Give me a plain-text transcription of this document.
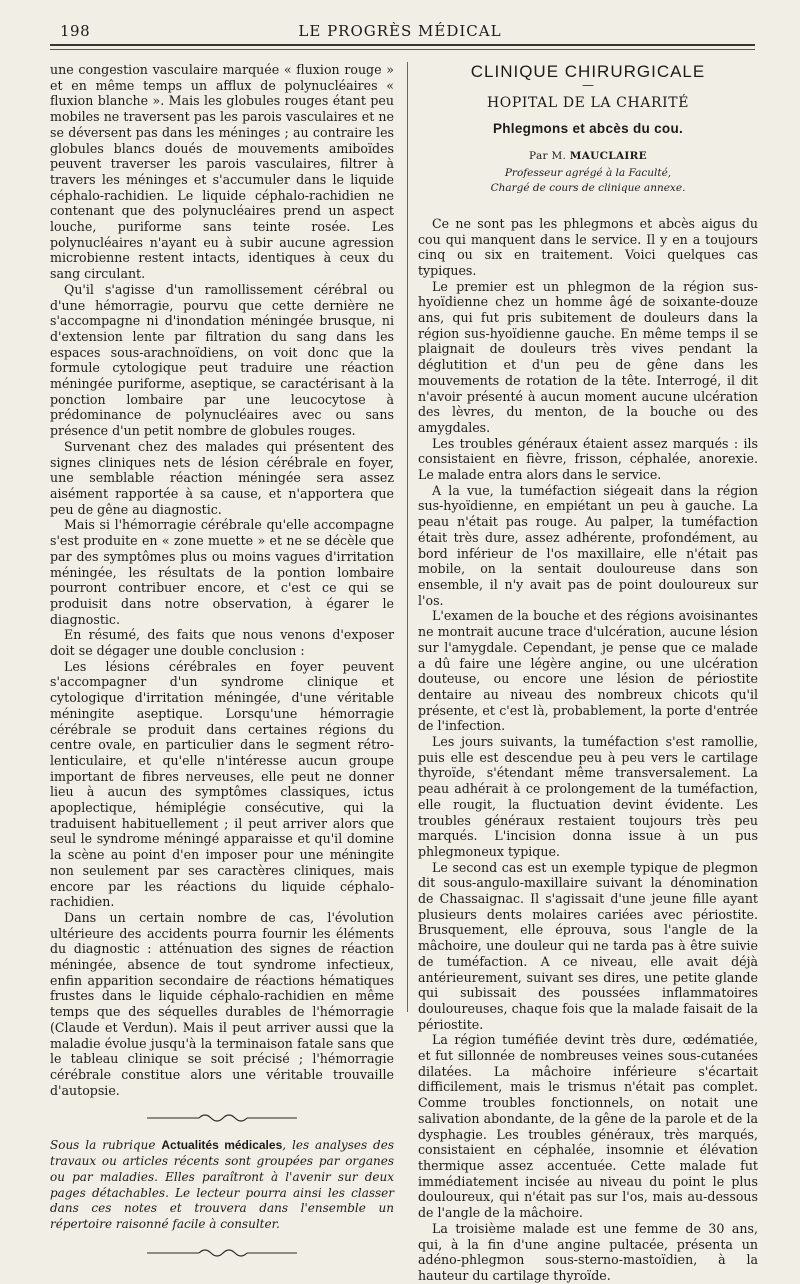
198	LE PROGRÈS MÉDICAL

une congestion vasculaire marquée « fluxion rouge » et en même temps un afflux de polynucléaires « fluxion blanche ». Mais les globules rouges étant peu mobiles ne traversent pas les parois vasculaires et ne se déversent pas dans les méninges ; au contraire les globules blancs doués de mouvements amiboïdes peuvent traverser les parois vasculaires, filtrer à travers les méninges et s'accumuler dans le liquide céphalo-rachidien. Le liquide céphalo-rachidien ne contenant que des polynucléaires prend un aspect louche, puriforme sans teinte rosée. Les polynucléaires n'ayant eu à subir aucune agression microbienne restent intacts, identiques à ceux du sang circulant.

Qu'il s'agisse d'un ramollissement cérébral ou d'une hémorragie, pourvu que cette dernière ne s'accompagne ni d'inondation méningée brusque, ni d'extension lente par filtration du sang dans les espaces sous-arachnoïdiens, on voit donc que la formule cytologique peut traduire une réaction méningée puriforme, aseptique, se caractérisant à la ponction lombaire par une leucocytose à prédominance de polynucléaires avec ou sans présence d'un petit nombre de globules rouges.

Survenant chez des malades qui présentent des signes cliniques nets de lésion cérébrale en foyer, une semblable réaction méningée sera assez aisément rapportée à sa cause, et n'apportera que peu de gêne au diagnostic.

Mais si l'hémorragie cérébrale qu'elle accompagne s'est produite en « zone muette » et ne se décèle que par des symptômes plus ou moins vagues d'irritation méningée, les résultats de la pontion lombaire pourront contribuer encore, et c'est ce qui se produisit dans notre observation, à égarer le diagnostic.

En résumé, des faits que nous venons d'exposer doit se dégager une double conclusion :

Les lésions cérébrales en foyer peuvent s'accompagner d'un syndrome clinique et cytologique d'irritation méningée, d'une véritable méningite aseptique. Lorsqu'une hémorragie cérébrale se produit dans certaines régions du centre ovale, en particulier dans le segment rétro-lenticulaire, et qu'elle n'intéresse aucun groupe important de fibres nerveuses, elle peut ne donner lieu à aucun des symptômes classiques, ictus apoplectique, hémiplégie consécutive, qui la traduisent habituellement ; il peut arriver alors que seul le syndrome méningé apparaisse et qu'il domine la scène au point d'en imposer pour une méningite non seulement par ses caractères cliniques, mais encore par les réactions du liquide céphalo-rachidien.

Dans un certain nombre de cas, l'évolution ultérieure des accidents pourra fournir les éléments du diagnostic : atténuation des signes de réaction méningée, absence de tout syndrome infectieux, enfin apparition secondaire de réactions hématiques frustes dans le liquide céphalo-rachidien en même temps que des séquelles durables de l'hémorragie (Claude et Verdun). Mais il peut arriver aussi que la maladie évolue jusqu'à la terminaison fatale sans que le tableau clinique se soit précisé ; l'hémorragie cérébrale constitue alors une véritable trouvaille d'autopsie.

Sous la rubrique Actualités médicales, les analyses des travaux ou articles récents sont groupées par organes ou par maladies. Elles paraîtront à l'avenir sur deux pages détachables. Le lecteur pourra ainsi les classer dans ces notes et trouvera dans l'ensemble un répertoire raisonné facile à consulter.

CLINIQUE CHIRURGICALE
—
HOPITAL DE LA CHARITÉ
Phlegmons et abcès du cou.
Par M. MAUCLAIRE
Professeur agrégé à la Faculté,
Chargé de cours de clinique annexe.

Ce ne sont pas les phlegmons et abcès aigus du cou qui manquent dans le service. Il y en a toujours cinq ou six en traitement. Voici quelques cas typiques.

Le premier est un phlegmon de la région sus-hyoïdienne chez un homme âgé de soixante-douze ans, qui fut pris subitement de douleurs dans la région sus-hyoïdienne gauche. En même temps il se plaignait de douleurs très vives pendant la déglutition et d'un peu de gêne dans les mouvements de rotation de la tête. Interrogé, il dit n'avoir présenté à aucun moment aucune ulcération des lèvres, du menton, de la bouche ou des amygdales.

Les troubles généraux étaient assez marqués : ils consistaient en fièvre, frisson, céphalée, anorexie. Le malade entra alors dans le service.

A la vue, la tuméfaction siégeait dans la région sus-hyoïdienne, en empiétant un peu à gauche. La peau n'était pas rouge. Au palper, la tuméfaction était très dure, assez adhérente, profondément, au bord inférieur de l'os maxillaire, elle n'était pas mobile, on la sentait douloureuse dans son ensemble, il n'y avait pas de point douloureux sur l'os.

L'examen de la bouche et des régions avoisinantes ne montrait aucune trace d'ulcération, aucune lésion sur l'amygdale. Cependant, je pense que ce malade a dû faire une légère angine, ou une ulcération douteuse, ou encore une lésion de périostite dentaire au niveau des nombreux chicots qu'il présente, et c'est là, probablement, la porte d'entrée de l'infection.

Les jours suivants, la tuméfaction s'est ramollie, puis elle est descendue peu à peu vers le cartilage thyroïde, s'étendant même transversalement. La peau adhérait à ce prolongement de la tuméfaction, elle rougit, la fluctuation devint évidente. Les troubles généraux restaient toujours très peu marqués. L'incision donna issue à un pus phlegmoneux typique.

Le second cas est un exemple typique de plegmon dit sous-angulo-maxillaire suivant la dénomination de Chassaignac. Il s'agissait d'une jeune fille ayant plusieurs dents molaires cariées avec périostite. Brusquement, elle éprouva, sous l'angle de la mâchoire, une douleur qui ne tarda pas à être suivie de tuméfaction. A ce niveau, elle avait déjà antérieurement, suivant ses dires, une petite glande qui subissait des poussées inflammatoires douloureuses, chaque fois que la malade faisait de la périostite.

La région tuméfiée devint très dure, œdématiée, et fut sillonnée de nombreuses veines sous-cutanées dilatées. La mâchoire inférieure s'écartait difficilement, mais le trismus n'était pas complet. Comme troubles fonctionnels, on notait une salivation abondante, de la gêne de la parole et de la dysphagie. Les troubles généraux, très marqués, consistaient en céphalée, insomnie et élévation thermique assez accentuée. Cette malade fut immédiatement incisée au niveau du point le plus douloureux, qui n'était pas sur l'os, mais au-dessous de l'angle de la mâchoire.

La troisième malade est une femme de 30 ans, qui, à la fin d'une angine pultacée, présenta un adéno-phlegmon sous-sterno-mastoïdien, à la hauteur du cartilage thyroïde.
